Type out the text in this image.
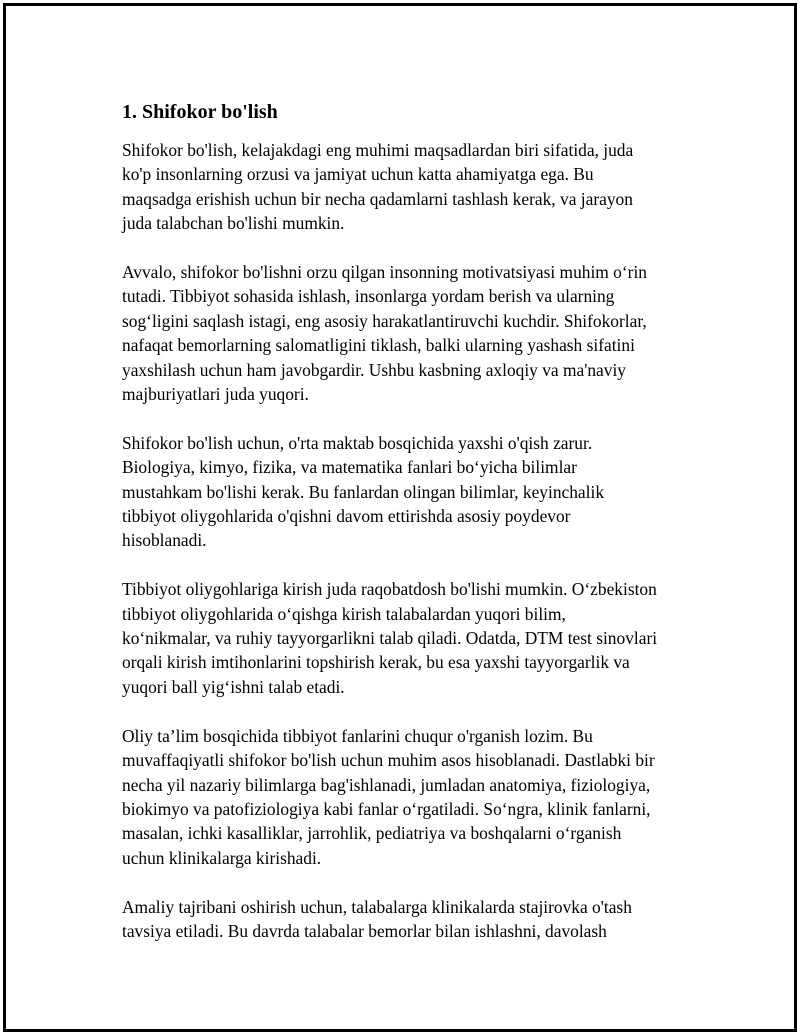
1. Shifokor bo'lish

Shifokor bo'lish, kelajakdagi eng muhimi maqsadlardan biri sifatida, juda
ko'p insonlarning orzusi va jamiyat uchun katta ahamiyatga ega. Bu
maqsadga erishish uchun bir necha qadamlarni tashlash kerak, va jarayon
juda talabchan bo'lishi mumkin.

Avvalo, shifokor bo'lishni orzu qilgan insonning motivatsiyasi muhim o‘rin
tutadi. Tibbiyot sohasida ishlash, insonlarga yordam berish va ularning
sog‘ligini saqlash istagi, eng asosiy harakatlantiruvchi kuchdir. Shifokorlar,
nafaqat bemorlarning salomatligini tiklash, balki ularning yashash sifatini
yaxshilash uchun ham javobgardir. Ushbu kasbning axloqiy va ma'naviy
majburiyatlari juda yuqori.

Shifokor bo'lish uchun, o'rta maktab bosqichida yaxshi o'qish zarur.
Biologiya, kimyo, fizika, va matematika fanlari bo‘yicha bilimlar
mustahkam bo'lishi kerak. Bu fanlardan olingan bilimlar, keyinchalik
tibbiyot oliygohlarida o'qishni davom ettirishda asosiy poydevor
hisoblanadi.

Tibbiyot oliygohlariga kirish juda raqobatdosh bo'lishi mumkin. O‘zbekiston
tibbiyot oliygohlarida o‘qishga kirish talabalardan yuqori bilim,
ko‘nikmalar, va ruhiy tayyorgarlikni talab qiladi. Odatda, DTM test sinovlari
orqali kirish imtihonlarini topshirish kerak, bu esa yaxshi tayyorgarlik va
yuqori ball yig‘ishni talab etadi.

Oliy ta’lim bosqichida tibbiyot fanlarini chuqur o'rganish lozim. Bu
muvaffaqiyatli shifokor bo'lish uchun muhim asos hisoblanadi. Dastlabki bir
necha yil nazariy bilimlarga bag'ishlanadi, jumladan anatomiya, fiziologiya,
biokimyo va patofiziologiya kabi fanlar o‘rgatiladi. So‘ngra, klinik fanlarni,
masalan, ichki kasalliklar, jarrohlik, pediatriya va boshqalarni o‘rganish
uchun klinikalarga kirishadi.

Amaliy tajribani oshirish uchun, talabalarga klinikalarda stajirovka o'tash
tavsiya etiladi. Bu davrda talabalar bemorlar bilan ishlashni, davolash
